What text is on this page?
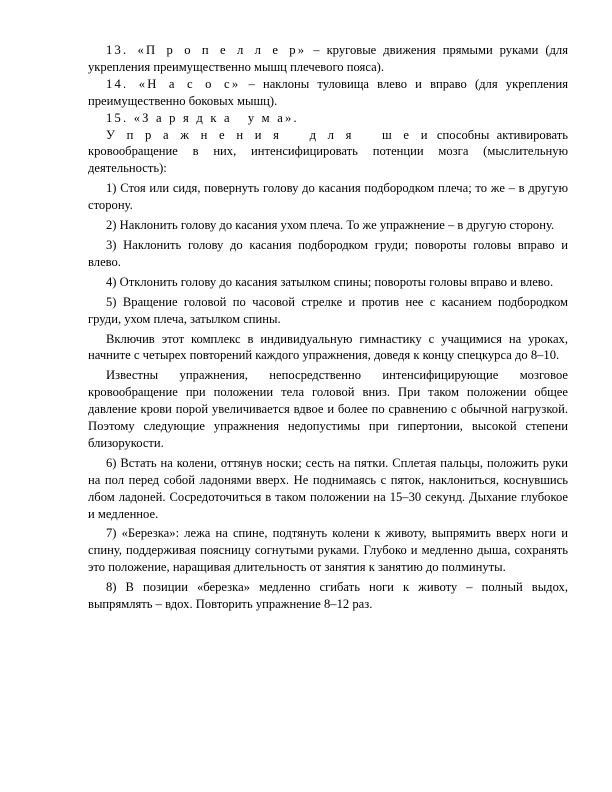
13. «П р о п е л л е р» – круговые движения прямыми руками (для укрепления преимущественно мышц плечевого пояса).

14. «Н а с о с» – наклоны туловища влево и вправо (для укрепления преимущественно боковых мышц).

15. «З а р я д к а   у м а».

У п р а ж н е н и я   д л я   ш е и способны активировать кровообращение в них, интенсифицировать потенции мозга (мыслительную деятельность):

1) Стоя или сидя, повернуть голову до касания подбородком плеча; то же – в другую сторону.

2) Наклонить голову до касания ухом плеча. То же упражнение – в другую сторону.

3) Наклонить голову до касания подбородком груди; повороты головы вправо и влево.

4) Отклонить голову до касания затылком спины; повороты головы вправо и влево.

5) Вращение головой по часовой стрелке и против нее с касанием подбородком груди, ухом плеча, затылком спины.

Включив этот комплекс в индивидуальную гимнастику с учащимися на уроках, начните с четырех повторений каждого упражнения, доведя к концу спецкурса до 8–10.

Известны упражнения, непосредственно интенсифицирующие мозговое кровообращение при положении тела головой вниз. При таком положении общее давление крови порой увеличивается вдвое и более по сравнению с обычной нагрузкой. Поэтому следующие упражнения недопустимы при гипертонии, высокой степени близорукости.

6) Встать на колени, оттянув носки; сесть на пятки. Сплетая пальцы, положить руки на пол перед собой ладонями вверх. Не поднимаясь с пяток, наклониться, коснувшись лбом ладоней. Сосредоточиться в таком положении на 15–30 секунд. Дыхание глубокое и медленное.

7) «Березка»: лежа на спине, подтянуть колени к животу, выпрямить вверх ноги и спину, поддерживая поясницу согнутыми руками. Глубоко и медленно дыша, сохранять это положение, наращивая длительность от занятия к занятию до полминуты.

8) В позиции «березка» медленно сгибать ноги к животу – полный выдох, выпрямлять – вдох. Повторить упражнение 8–12 раз.
